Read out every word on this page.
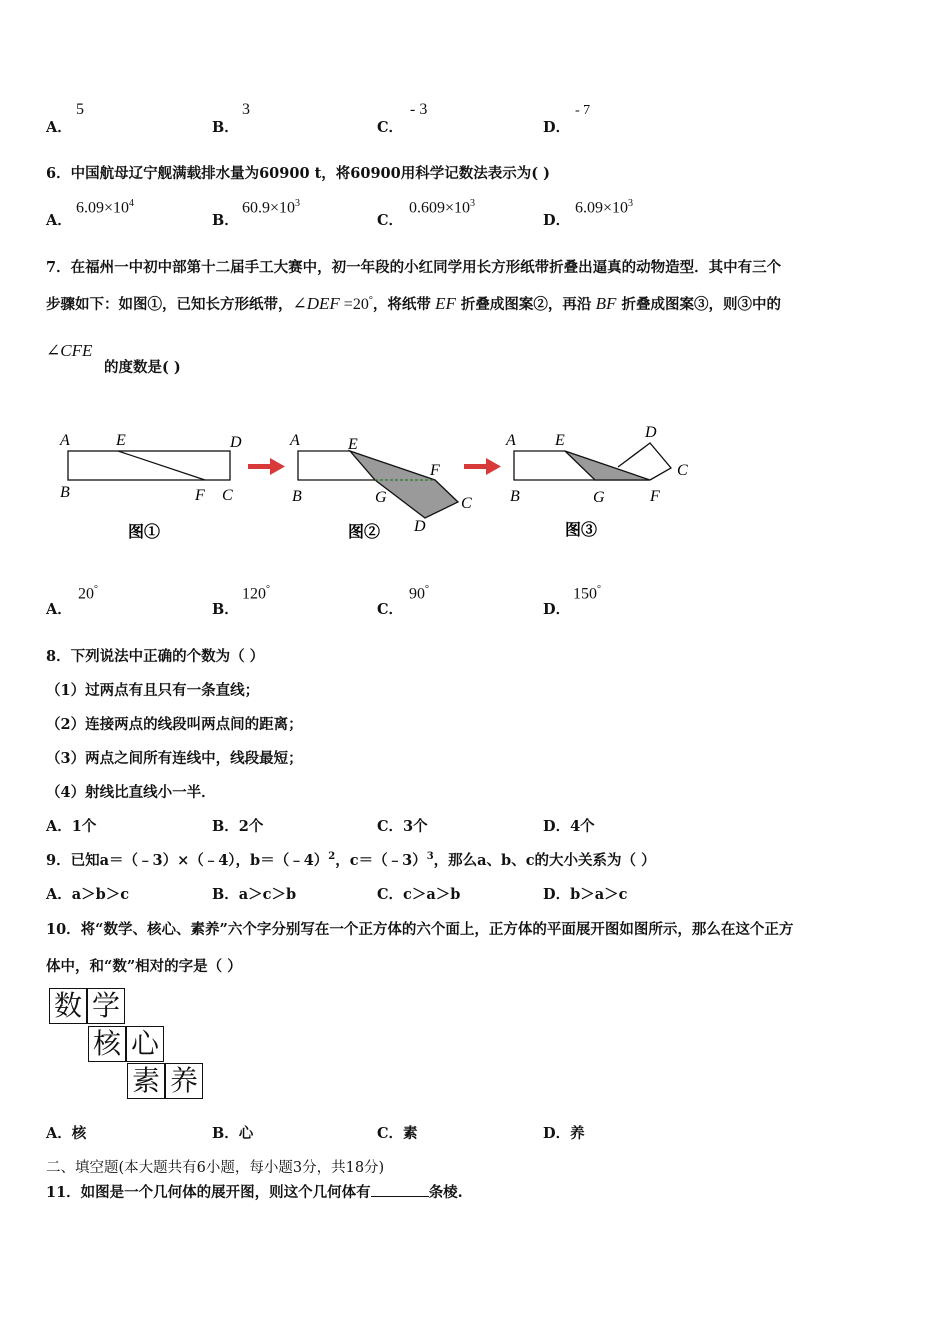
A．
5
B．
3
C．
- 3
D．
- 7
6．中国航母辽宁舰满载排水量为60900 t，将60900用科学记数法表示为( )
A．
$6.09\times 10^4$
B．
$60.9\times 10^3$
C．
$0.609\times 10^3$
D．
$6.09\times 10^3$
7．在福州一中初中部第十二届手工大赛中，初一年段的小红同学用长方形纸带折叠出逼真的动物造型．其中有三个
步骤如下：如图①，已知长方形纸带，∠DEF =20°，将纸带 EF 折叠成图案②，再沿 BF 折叠成图案③，则③中的
∠CFE
的度数是( )
A	E	D
B	F C
图①
A	E
F
B	G	C
D
图②
A E	D
C
B	G	F
图③
A．
20°
B．
120°
C．
90°
D．
150°
8．下列说法中正确的个数为（ ）
（1）过两点有且只有一条直线；
（2）连接两点的线段叫两点间的距离；
（3）两点之间所有连线中，线段最短；
（4）射线比直线小一半．
A．1个	B．2个	C．3个	D．4个
9．已知a＝（﹣3）×（﹣4），b＝（﹣4）$^2$，c＝（﹣3）$^3$，那么a、b、c的大小关系为（ ）
A．a＞b＞c	B．a＞c＞b	C．c＞a＞b	D．b＞a＞c
10．将“数学、核心、素养”六个字分别写在一个正方体的六个面上，正方体的平面展开图如图所示，那么在这个正方
体中，和“数”相对的字是（ ）
数 学
核 心
素 养
A．核	B．心	C．素	D．养
二、填空题(本大题共有6小题，每小题3分，共18分)
11．如图是一个几何体的展开图，则这个几何体有	条棱.
